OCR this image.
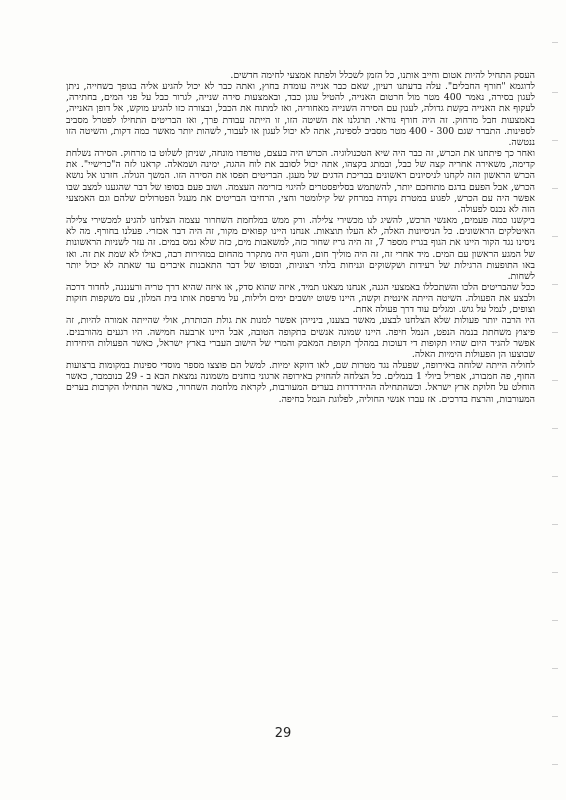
העסק התחיל להיות אטום וחייב אותנו, כל הזמן לשכלל ולפתח אמצעי לחימה חדשים.

לדוגמא "חורף החבלים". עלה בדעתנו רעיון, שאם כבר אנייה עומדת בחוץ, ואתה כבר לא יכול להגיע אליה בגופך בשחייה, ניתן לעגון בסירה, נאמר 400 מטר מול חרטום האנייה, להטיל עוגן כבד, ובאמצעות סירה שנייה, לגרור כבל על פני המים, בחתירה, לעקוף את האנייה בקשת גדולה, לעגון עם הסירה השנייה מאחוריה, ואז למתוח את הכבל, ובצורה כזו להגיע מוקש, אל דופן האנייה, באמצעות חבל מרחוק. זה היה חורף נוראי. תרגלנו את השיטה הזו, זו הייתה עבודת פרך, ואז הבריטים התחילו לפטרל מסביב לספינות. התברר שגם 300 - 400 מטר מסביב לספינה, אתה לא יכול לעגון או לעבור, לשהות יותר מאשר כמה דקות, והשיטה הזו ננטשה.

ואחר כך פיתחנו את הכרש, זה כבר היה שיא הטכנולוגיה. הכרש היה בעצם, טורפדו מונחה, שניתן לשלוט בו מרחוק. הסירה נשלחת קדימה, משאירה אחריה קצה של כבל, ובמתג בקצהו, אתה יכול לסובב את לוח ההגה, ימינה ושמאלה. קראנו לזה ה"כרישיי". את הכרש הראשון הזה לקחנו לניסיונים ראשונים בבריכת הדגים של מעגן. הבריטים תפסו את הסירה הזו. המשך הגולה. חזרנו אל נושא הכרש, אבל הפעם בדגם מתוחכם יותר, להשתמש בסליפסטרים להיגוי בזרימה העצמה. ושוב פעם בסופו של דבר שהגענו למצב שבו אפשר היה עם הכרש, לפגוע במטרת נקודה במרחק של קילומטר וחצי, הרחיבו הבריטים את מעגל הפטרולים שלהם וגם האמצעי הזה לא נכנס לפעולה.

ביקשנו כמה פעמים, מאנשי הרכש, להשיג לנו מכשירי צלילה. ורק ממש במלחמת השחרור עצמה הצלחנו להגיע למכשירי צלילה האיטלקים הראשונים. כל הניסיונות האלה, לא העלו תוצאות. אנחנו היינו קפואים מקור, זה היה דבר אכזרי. פעלנו בחורף. מה לא ניסינו נגד הקור היינו את הגוף בגריז מספר 7, זה היה גריז שחור כזה, למשאבות מים, כזה שלא נמס במים. זה עזר לשניות הראשונות של המגע הראשון עם המים. מיד אחרי זה, זה היה מוליך חום, והגוף היה מתקרר מהחום במהירות רבה, כאילו לא שמת את זה. ואז באו התופעות הרגילות של רעידות ושקשוקים וגניחות בלתי רצוניות, ובסופו של דבר התאבנות איברים עד שאתה לא יכול יותר לשחות.

ככל שהבריטים הלכו והשתכללו באמצעי הגנה, אנחנו מצאנו תמיד, איזה שהוא סדק, או איזה שהיא דרך טריה ורענננה, לחדור דרכה ולבצע את הפעולה. השיטה הייתה אינטית וקשה, היינו פשוט יושבים ימים ולילות, על מרפסת אותו בית המלון, עם משקפות חזקות וצופים, לנמל על גוש. ומגלים עוד דרך פעולה אחת.

היו הרבה יותר פעולות שלא הצלחנו לבצע, מאשר בצענו, בינייהן אפשר למנות את גולת הכותרת, אולי שהייתה אמורה להיות, זה פיצוץ משחתת בנמה הנפט, הנמל חיפה. היינו שמונה אנשים בתקופה הטובה, אבל היינו ארבעה חמישה. היו רגעים מהורבנים. אפשר להגיד היום שהיו תקופות די דעוכות במהלך תקופת המאבק והמרי של הישוב העברי בארץ ישראל, כאשר הפעולות היחידות שבוצעו הן הפעולות הימיות האלה.

לחוליה הייתה שלוחה באירופה, שפעלה נגד מטרות שם, לאו דווקא ימיות. למשל הם פוצצו מספר מוסדי ספינות במקומות ברצועות החוף, פה חמבורג, אפריל ביולי 1 בנמלים. כל הצלחה להחזיק באירופה ארגוני בוחנים משמונה נמצאת הבא ב - 29 בנובמבר, כאשר הוחלט על חלוקת ארץ ישראל. וכשהתחילה ההידרדרות בערים המעורבות, לקראת מלחמת השחרור, כאשר התחילו הקרבות בערים המעורבות, והרצח בדרכים. אז עברו אנשי החוליה, לפלוגת הנמל בחיפה.

29
